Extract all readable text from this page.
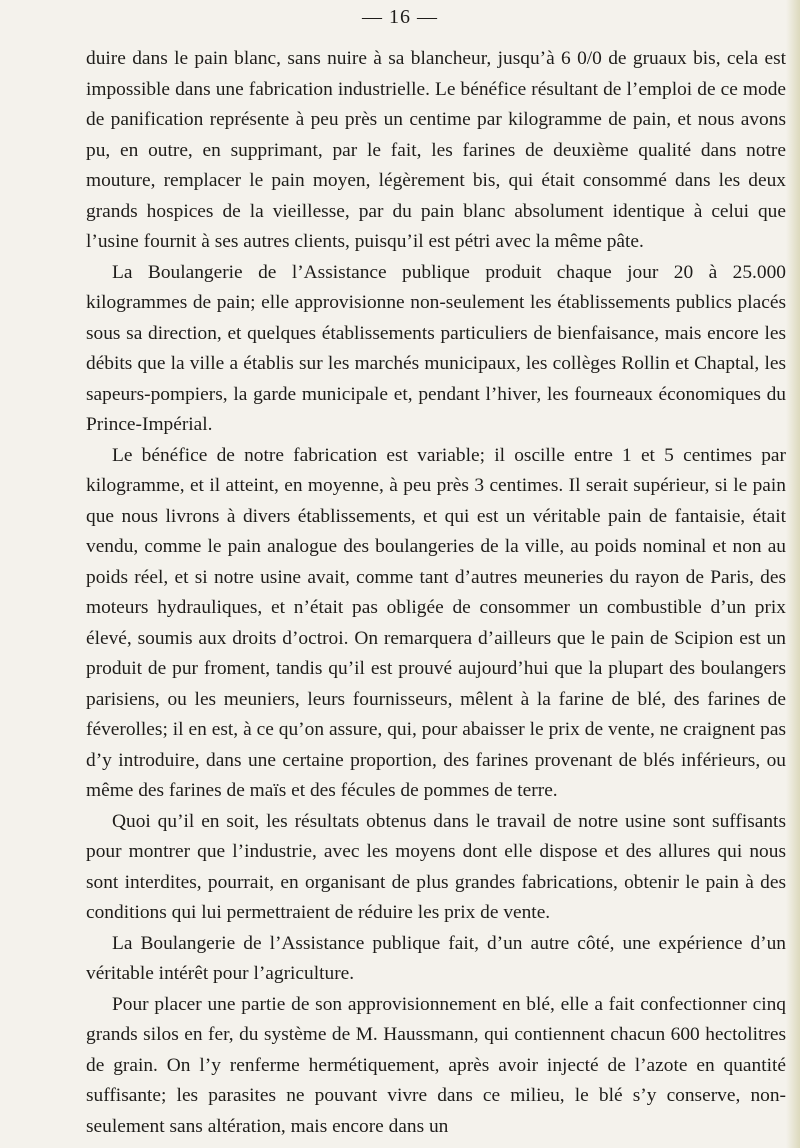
— 16 —

duire dans le pain blanc, sans nuire à sa blancheur, jusqu’à 6 0/0 de gruaux bis, cela est impossible dans une fabrication industrielle. Le bénéfice résultant de l’emploi de ce mode de panification représente à peu près un centime par kilogramme de pain, et nous avons pu, en outre, en supprimant, par le fait, les farines de deuxième qualité dans notre mouture, remplacer le pain moyen, légèrement bis, qui était consommé dans les deux grands hospices de la vieillesse, par du pain blanc absolument identique à celui que l’usine fournit à ses autres clients, puisqu’il est pétri avec la même pâte.

La Boulangerie de l’Assistance publique produit chaque jour 20 à 25.000 kilogrammes de pain; elle approvisionne non-seulement les établissements publics placés sous sa direction, et quelques établissements particuliers de bienfaisance, mais encore les débits que la ville a établis sur les marchés municipaux, les collèges Rollin et Chaptal, les sapeurs-pompiers, la garde municipale et, pendant l’hiver, les fourneaux économiques du Prince-Impérial.

Le bénéfice de notre fabrication est variable; il oscille entre 1 et 5 centimes par kilogramme, et il atteint, en moyenne, à peu près 3 centimes. Il serait supérieur, si le pain que nous livrons à divers établissements, et qui est un véritable pain de fantaisie, était vendu, comme le pain analogue des boulangeries de la ville, au poids nominal et non au poids réel, et si notre usine avait, comme tant d’autres meuneries du rayon de Paris, des moteurs hydrauliques, et n’était pas obligée de consommer un combustible d’un prix élevé, soumis aux droits d’octroi. On remarquera d’ailleurs que le pain de Scipion est un produit de pur froment, tandis qu’il est prouvé aujourd’hui que la plupart des boulangers parisiens, ou les meuniers, leurs fournisseurs, mêlent à la farine de blé, des farines de féverolles; il en est, à ce qu’on assure, qui, pour abaisser le prix de vente, ne craignent pas d’y introduire, dans une certaine proportion, des farines provenant de blés inférieurs, ou même des farines de maïs et des fécules de pommes de terre.

Quoi qu’il en soit, les résultats obtenus dans le travail de notre usine sont suffisants pour montrer que l’industrie, avec les moyens dont elle dispose et des allures qui nous sont interdites, pourrait, en organisant de plus grandes fabrications, obtenir le pain à des conditions qui lui permettraient de réduire les prix de vente.

La Boulangerie de l’Assistance publique fait, d’un autre côté, une expérience d’un véritable intérêt pour l’agriculture.

Pour placer une partie de son approvisionnement en blé, elle a fait confectionner cinq grands silos en fer, du système de M. Haussmann, qui contiennent chacun 600 hectolitres de grain. On l’y renferme hermétiquement, après avoir injecté de l’azote en quantité suffisante; les parasites ne pouvant vivre dans ce milieu, le blé s’y conserve, non-seulement sans altération, mais encore dans un
